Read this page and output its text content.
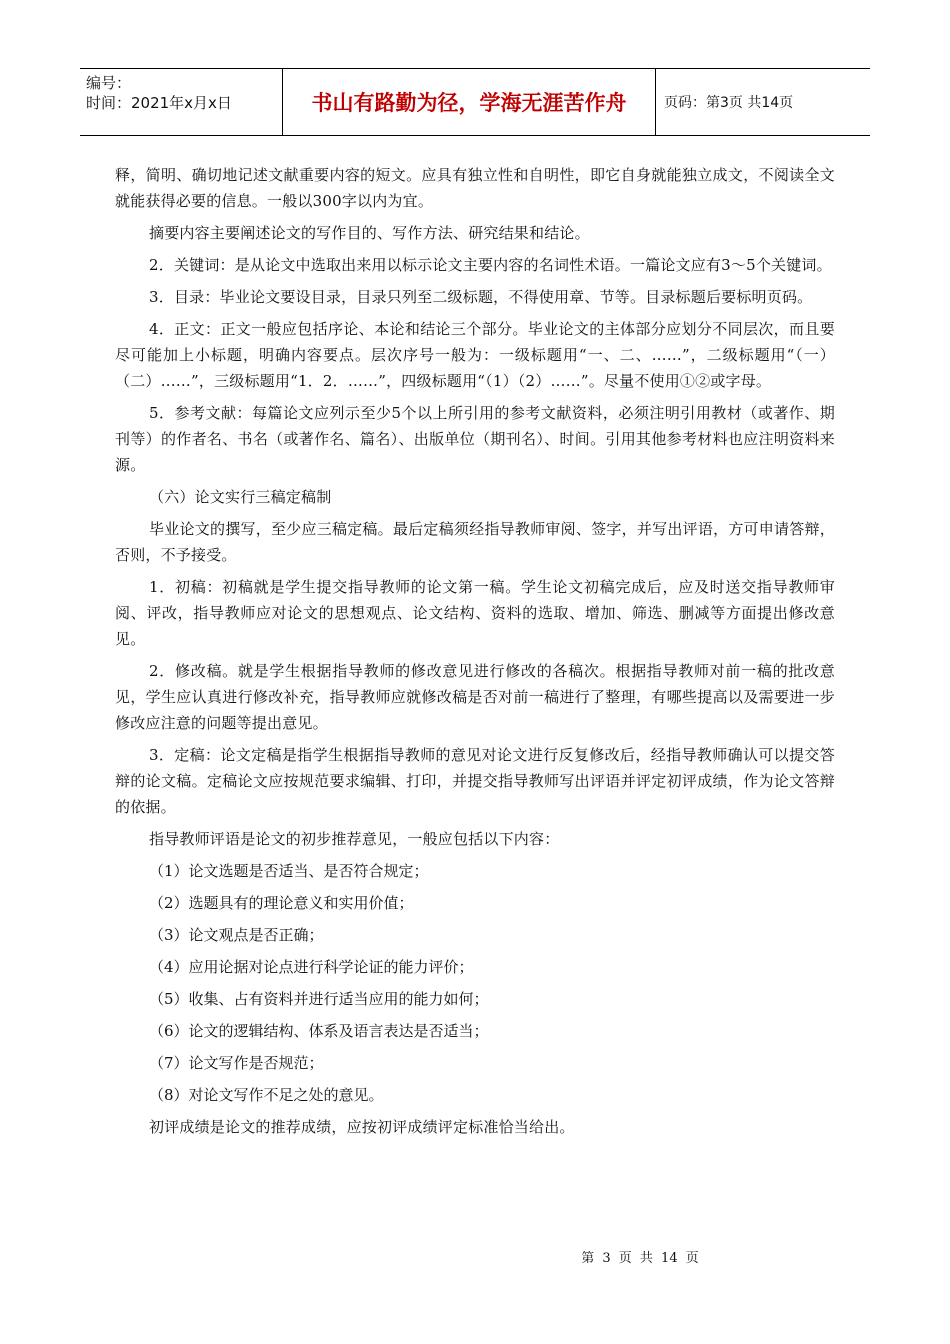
编号：
时间：2021年x月x日	书山有路勤为径，学海无涯苦作舟	页码：第3页 共14页

释，简明、确切地记述文献重要内容的短文。应具有独立性和自明性，即它自身就能独立成文，不阅读全文就能获得必要的信息。一般以300字以内为宜。

摘要内容主要阐述论文的写作目的、写作方法、研究结果和结论。

2．关键词：是从论文中选取出来用以标示论文主要内容的名词性术语。一篇论文应有3～5个关键词。

3．目录：毕业论文要设目录，目录只列至二级标题，不得使用章、节等。目录标题后要标明页码。

4．正文：正文一般应包括序论、本论和结论三个部分。毕业论文的主体部分应划分不同层次，而且要尽可能加上小标题，明确内容要点。层次序号一般为：一级标题用“一、二、……”，二级标题用“（一）（二）……”，三级标题用“1．2．……”，四级标题用“（1）（2）……”。尽量不使用①②或字母。

5．参考文献：每篇论文应列示至少5个以上所引用的参考文献资料，必须注明引用教材（或著作、期刊等）的作者名、书名（或著作名、篇名）、出版单位（期刊名）、时间。引用其他参考材料也应注明资料来源。

（六）论文实行三稿定稿制

毕业论文的撰写，至少应三稿定稿。最后定稿须经指导教师审阅、签字，并写出评语，方可申请答辩，否则，不予接受。

1．初稿：初稿就是学生提交指导教师的论文第一稿。学生论文初稿完成后，应及时送交指导教师审阅、评改，指导教师应对论文的思想观点、论文结构、资料的选取、增加、筛选、删减等方面提出修改意见。

2．修改稿。就是学生根据指导教师的修改意见进行修改的各稿次。根据指导教师对前一稿的批改意见，学生应认真进行修改补充，指导教师应就修改稿是否对前一稿进行了整理，有哪些提高以及需要进一步修改应注意的问题等提出意见。

3．定稿：论文定稿是指学生根据指导教师的意见对论文进行反复修改后，经指导教师确认可以提交答辩的论文稿。定稿论文应按规范要求编辑、打印，并提交指导教师写出评语并评定初评成绩，作为论文答辩的依据。

指导教师评语是论文的初步推荐意见，一般应包括以下内容：

（1）论文选题是否适当、是否符合规定；
（2）选题具有的理论意义和实用价值；
（3）论文观点是否正确；
（4）应用论据对论点进行科学论证的能力评价；
（5）收集、占有资料并进行适当应用的能力如何；
（6）论文的逻辑结构、体系及语言表达是否适当；
（7）论文写作是否规范；
（8）对论文写作不足之处的意见。

初评成绩是论文的推荐成绩，应按初评成绩评定标准恰当给出。

第 3 页 共 14 页
